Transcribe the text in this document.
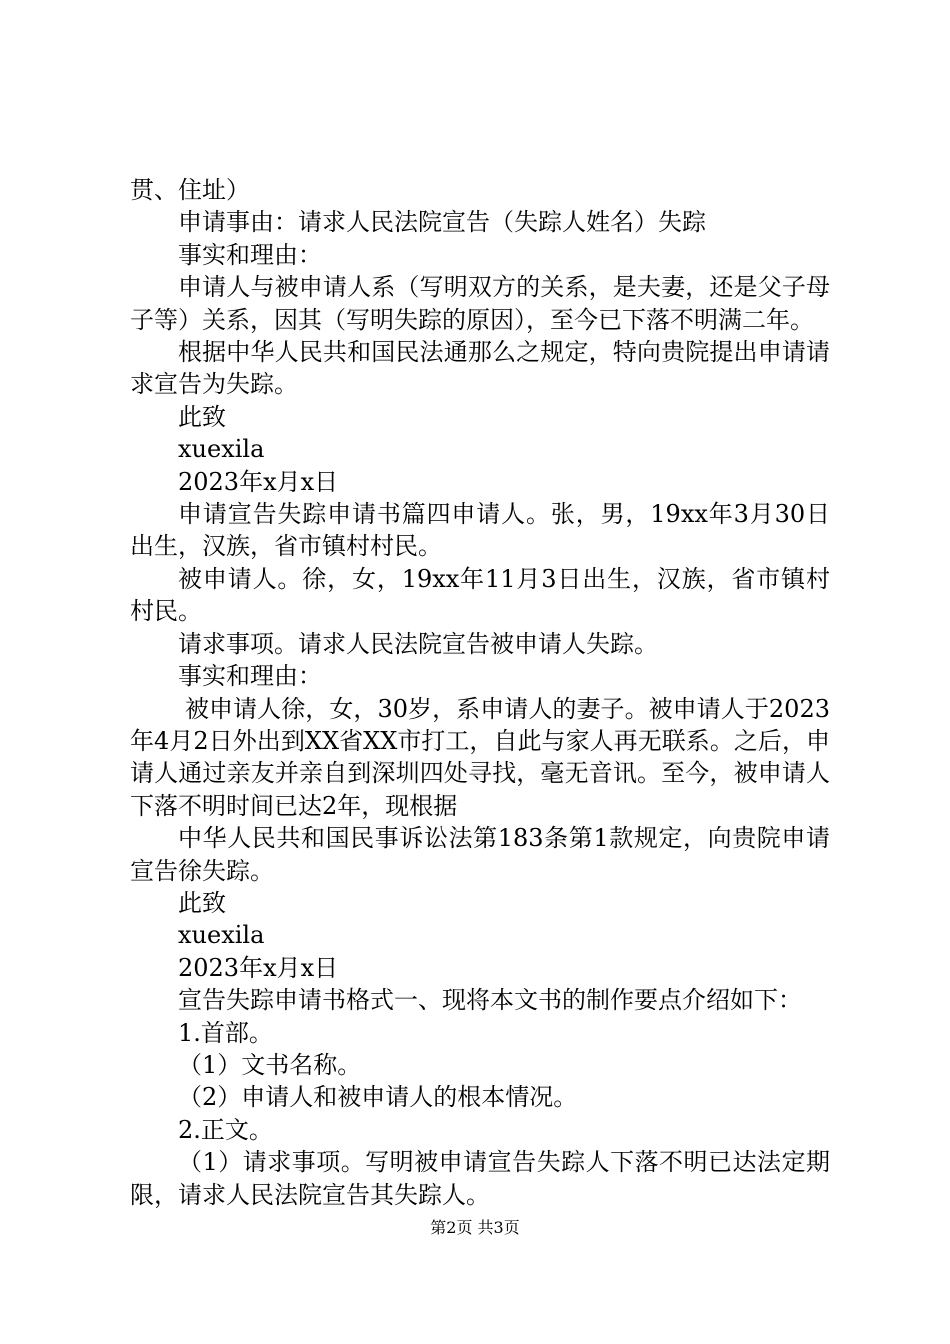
贯、住址）

申请事由：请求人民法院宣告（失踪人姓名）失踪

事实和理由：

申请人与被申请人系（写明双方的关系，是夫妻，还是父子母子等）关系，因其（写明失踪的原因），至今已下落不明满二年。

根据中华人民共和国民法通那么之规定，特向贵院提出申请请求宣告为失踪。

此致

xuexila

2023年x月x日

申请宣告失踪申请书篇四申请人。张，男，19xx年3月30日出生，汉族，省市镇村村民。

被申请人。徐，女，19xx年11月3日出生，汉族，省市镇村村民。

请求事项。请求人民法院宣告被申请人失踪。

事实和理由：

被申请人徐，女，30岁，系申请人的妻子。被申请人于2023年4月2日外出到XX省XX市打工，自此与家人再无联系。之后，申请人通过亲友并亲自到深圳四处寻找，毫无音讯。至今，被申请人下落不明时间已达2年，现根据

中华人民共和国民事诉讼法第183条第1款规定，向贵院申请宣告徐失踪。

此致

xuexila

2023年x月x日

宣告失踪申请书格式一、现将本文书的制作要点介绍如下：

1.首部。

（1）文书名称。

（2）申请人和被申请人的根本情况。

2.正文。

（1）请求事项。写明被申请宣告失踪人下落不明已达法定期限，请求人民法院宣告其失踪人。

第2页 共3页
